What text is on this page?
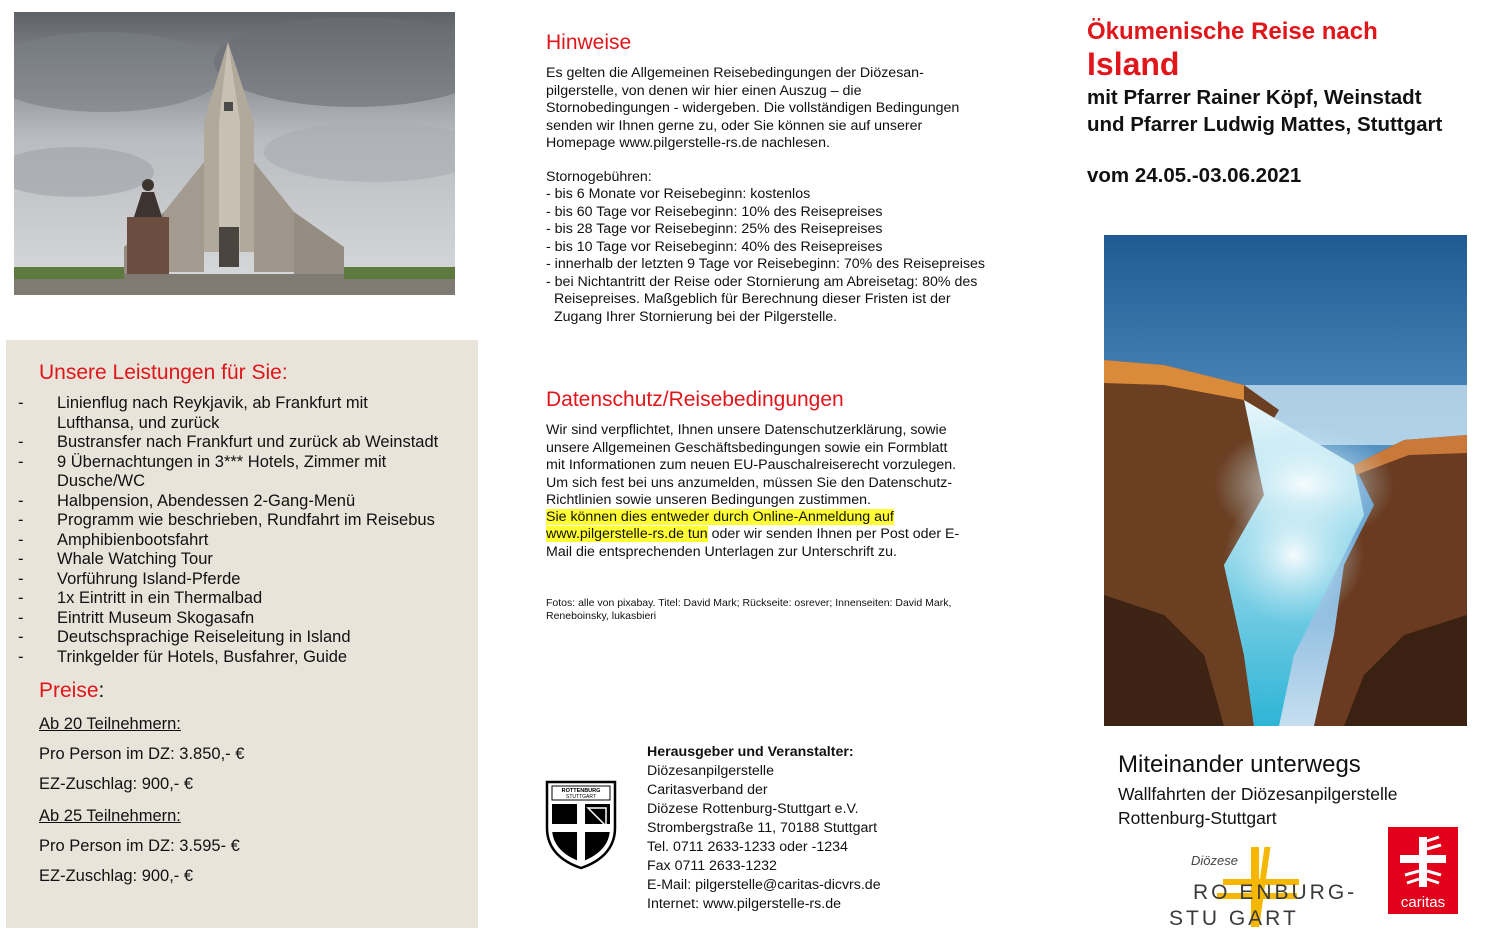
Unsere Leistungen für Sie:
-	Linienflug nach Reykjavik, ab Frankfurt mit
Lufthansa, und zurück
-	Bustransfer nach Frankfurt und zurück ab Weinstadt
-	9 Übernachtungen in 3*** Hotels, Zimmer mit
Dusche/WC
-	Halbpension, Abendessen 2-Gang-Menü
-	Programm wie beschrieben, Rundfahrt im Reisebus
-	Amphibienbootsfahrt
-	Whale Watching Tour
-	Vorführung Island-Pferde
-	1x Eintritt in ein Thermalbad
-	Eintritt Museum Skogasafn
-	Deutschsprachige Reiseleitung in Island
-	Trinkgelder für Hotels, Busfahrer, Guide
Preise:
Ab 20 Teilnehmern:
Pro Person im DZ: 3.850,- €
EZ-Zuschlag: 900,- €
Ab 25 Teilnehmern:
Pro Person im DZ: 3.595- €
EZ-Zuschlag: 900,- €
Hinweise
Es gelten die Allgemeinen Reisebedingungen der Diözesan-
pilgerstelle, von denen wir hier einen Auszug – die
Stornobedingungen - widergeben. Die vollständigen Bedingungen
senden wir Ihnen gerne zu, oder Sie können sie auf unserer
Homepage www.pilgerstelle-rs.de nachlesen.
Stornogebühren:
- bis 6 Monate vor Reisebeginn: kostenlos
- bis 60 Tage vor Reisebeginn: 10% des Reisepreises
- bis 28 Tage vor Reisebeginn: 25% des Reisepreises
- bis 10 Tage vor Reisebeginn: 40% des Reisepreises
- innerhalb der letzten 9 Tage vor Reisebeginn: 70% des Reisepreises
- bei Nichtantritt der Reise oder Stornierung am Abreisetag: 80% des Reisepreises. Maßgeblich für Berechnung dieser Fristen ist der Zugang Ihrer Stornierung bei der Pilgerstelle.
Datenschutz/Reisebedingungen
Wir sind verpflichtet, Ihnen unsere Datenschutzerklärung, sowie
unsere Allgemeinen Geschäftsbedingungen sowie ein Formblatt
mit Informationen zum neuen EU-Pauschalreiserecht vorzulegen.
Um sich fest bei uns anzumelden, müssen Sie den Datenschutz-
Richtlinien sowie unseren Bedingungen zustimmen.
Sie können dies entweder durch Online-Anmeldung auf
www.pilgerstelle-rs.de tun oder wir senden Ihnen per Post oder E-
Mail die entsprechenden Unterlagen zur Unterschrift zu.
Fotos: alle von pixabay. Titel: David Mark; Rückseite: osrever; Innenseiten: David Mark,
Reneboinsky, lukasbieri
ROTTENBURG
STUTTGART
Herausgeber und Veranstalter:
Diözesanpilgerstelle
Caritasverband der
Diözese Rottenburg-Stuttgart e.V.
Strombergstraße 11, 70188 Stuttgart
Tel. 0711 2633-1233 oder -1234
Fax 0711 2633-1232
E-Mail: pilgerstelle@caritas-dicvrs.de
Internet: www.pilgerstelle-rs.de
Ökumenische Reise nach
Island
mit Pfarrer Rainer Köpf, Weinstadt
und Pfarrer Ludwig Mattes, Stuttgart
vom 24.05.-03.06.2021
Miteinander unterwegs
Wallfahrten der Diözesanpilgerstelle
Rottenburg-Stuttgart
Diözese
RO ENBURG-
STU GART
caritas
